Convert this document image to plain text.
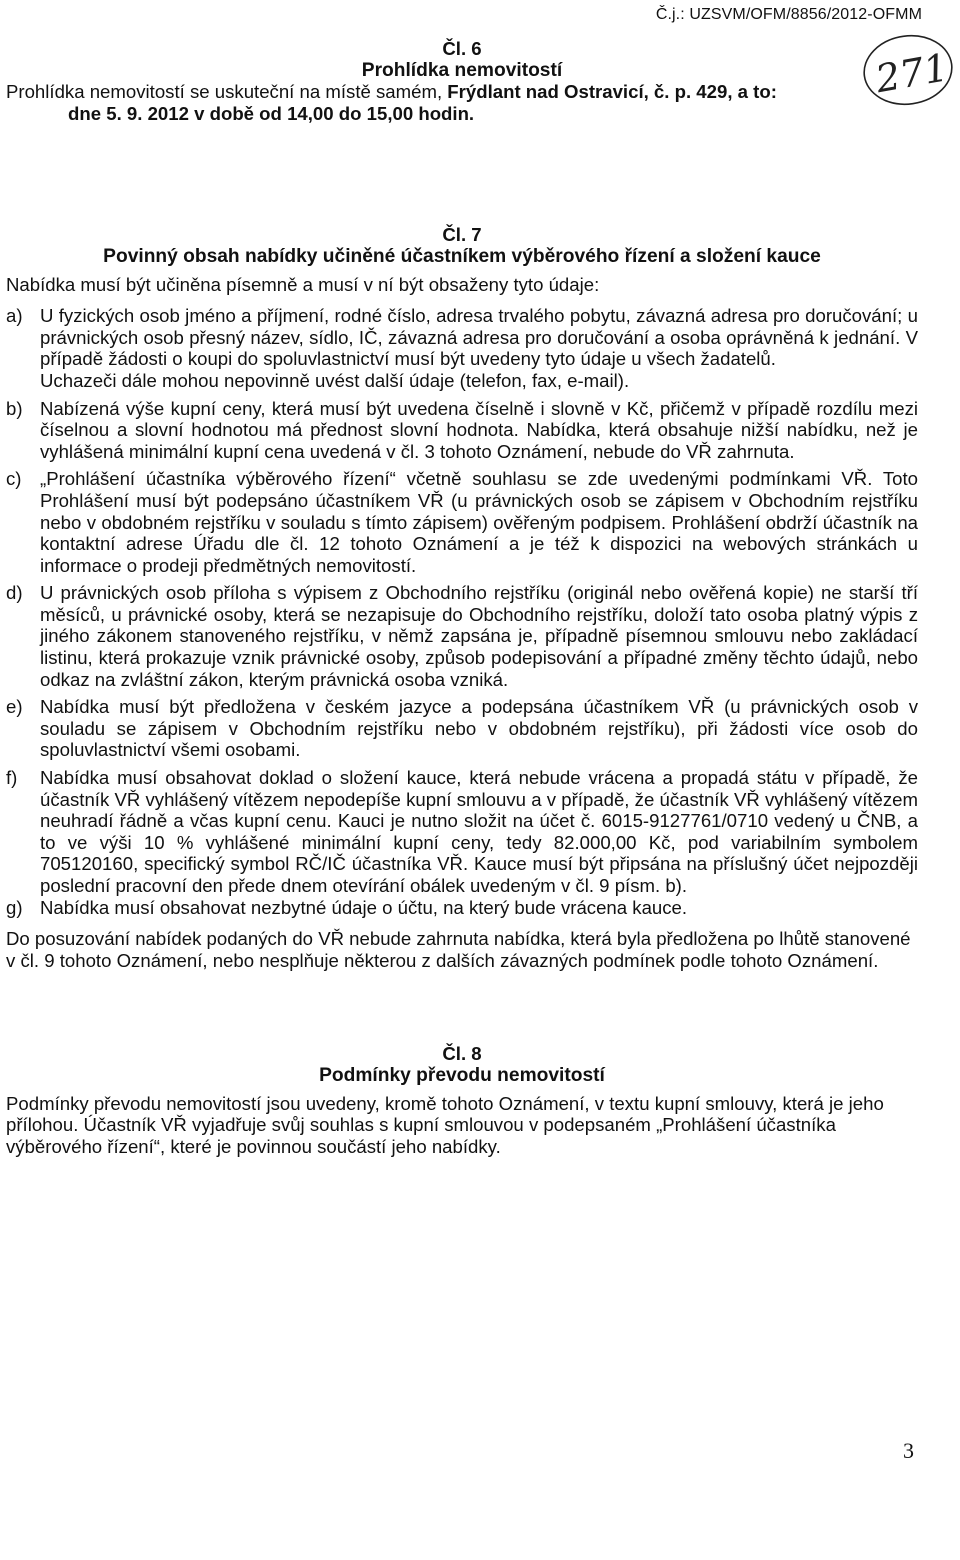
Č.j.: UZSVM/OFM/8856/2012-OFMM
271
Čl. 6
Prohlídka nemovitostí

Prohlídka nemovitostí se uskuteční na místě samém, Frýdlant nad Ostravicí, č. p. 429, a to:

dne 5. 9. 2012 v době od 14,00 do 15,00 hodin.

Čl. 7
Povinný obsah nabídky učiněné účastníkem výběrového řízení a složení kauce

Nabídka musí být učiněna písemně a musí v ní být obsaženy tyto údaje:

a) U fyzických osob jméno a příjmení, rodné číslo, adresa trvalého pobytu, závazná adresa pro doručování; u právnických osob přesný název, sídlo, IČ, závazná adresa pro doručování a osoba oprávněná k jednání. V případě žádosti o koupi do spoluvlastnictví musí být uvedeny tyto údaje u všech žadatelů.
Uchazeči dále mohou nepovinně uvést další údaje (telefon, fax, e-mail).
b) Nabízená výše kupní ceny, která musí být uvedena číselně i slovně v Kč, přičemž v případě rozdílu mezi číselnou a slovní hodnotou má přednost slovní hodnota. Nabídka, která obsahuje nižší nabídku, než je vyhlášená minimální kupní cena uvedená v čl. 3 tohoto Oznámení, nebude do VŘ zahrnuta.
c) „Prohlášení účastníka výběrového řízení“ včetně souhlasu se zde uvedenými podmínkami VŘ. Toto Prohlášení musí být podepsáno účastníkem VŘ (u právnických osob se zápisem v Obchodním rejstříku nebo v obdobném rejstříku v souladu s tímto zápisem) ověřeným podpisem. Prohlášení obdrží účastník na kontaktní adrese Úřadu dle čl. 12 tohoto Oznámení a je též k dispozici na webových stránkách u informace o prodeji předmětných nemovitostí.
d) U právnických osob příloha s výpisem z Obchodního rejstříku (originál nebo ověřená kopie) ne starší tří měsíců, u právnické osoby, která se nezapisuje do Obchodního rejstříku, doloží tato osoba platný výpis z jiného zákonem stanoveného rejstříku, v němž zapsána je, případně písemnou smlouvu nebo zakládací listinu, která prokazuje vznik právnické osoby, způsob podepisování a případné změny těchto údajů, nebo odkaz na zvláštní zákon, kterým právnická osoba vzniká.
e) Nabídka musí být předložena v českém jazyce a podepsána účastníkem VŘ (u právnických osob v souladu se zápisem v Obchodním rejstříku nebo v obdobném rejstříku), při žádosti více osob do spoluvlastnictví všemi osobami.
f)	Nabídka musí obsahovat doklad o složení kauce, která nebude vrácena a propadá státu v případě, že účastník VŘ vyhlášený vítězem nepodepíše kupní smlouvu a v případě, že účastník VŘ vyhlášený vítězem neuhradí řádně a včas kupní cenu. Kauci je nutno složit na účet č. 6015-9127761/0710 vedený u ČNB, a to ve výši 10 % vyhlášené minimální kupní ceny, tedy 82.000,00 Kč, pod variabilním symbolem 705120160, specifický symbol RČ/IČ účastníka VŘ. Kauce musí být připsána na příslušný účet nejpozději poslední pracovní den přede dnem otevírání obálek uvedeným v čl. 9 písm. b).
g) Nabídka musí obsahovat nezbytné údaje o účtu, na který bude vrácena kauce.

Do posuzování nabídek podaných do VŘ nebude zahrnuta nabídka, která byla předložena po lhůtě stanovené v čl. 9 tohoto Oznámení, nebo nesplňuje některou z dalších závazných podmínek podle tohoto Oznámení.

Čl. 8
Podmínky převodu nemovitostí

Podmínky převodu nemovitostí jsou uvedeny, kromě tohoto Oznámení, v textu kupní smlouvy, která je jeho přílohou. Účastník VŘ vyjadřuje svůj souhlas s kupní smlouvou v podepsaném „Prohlášení účastníka výběrového řízení“, které je povinnou součástí jeho nabídky.

3
